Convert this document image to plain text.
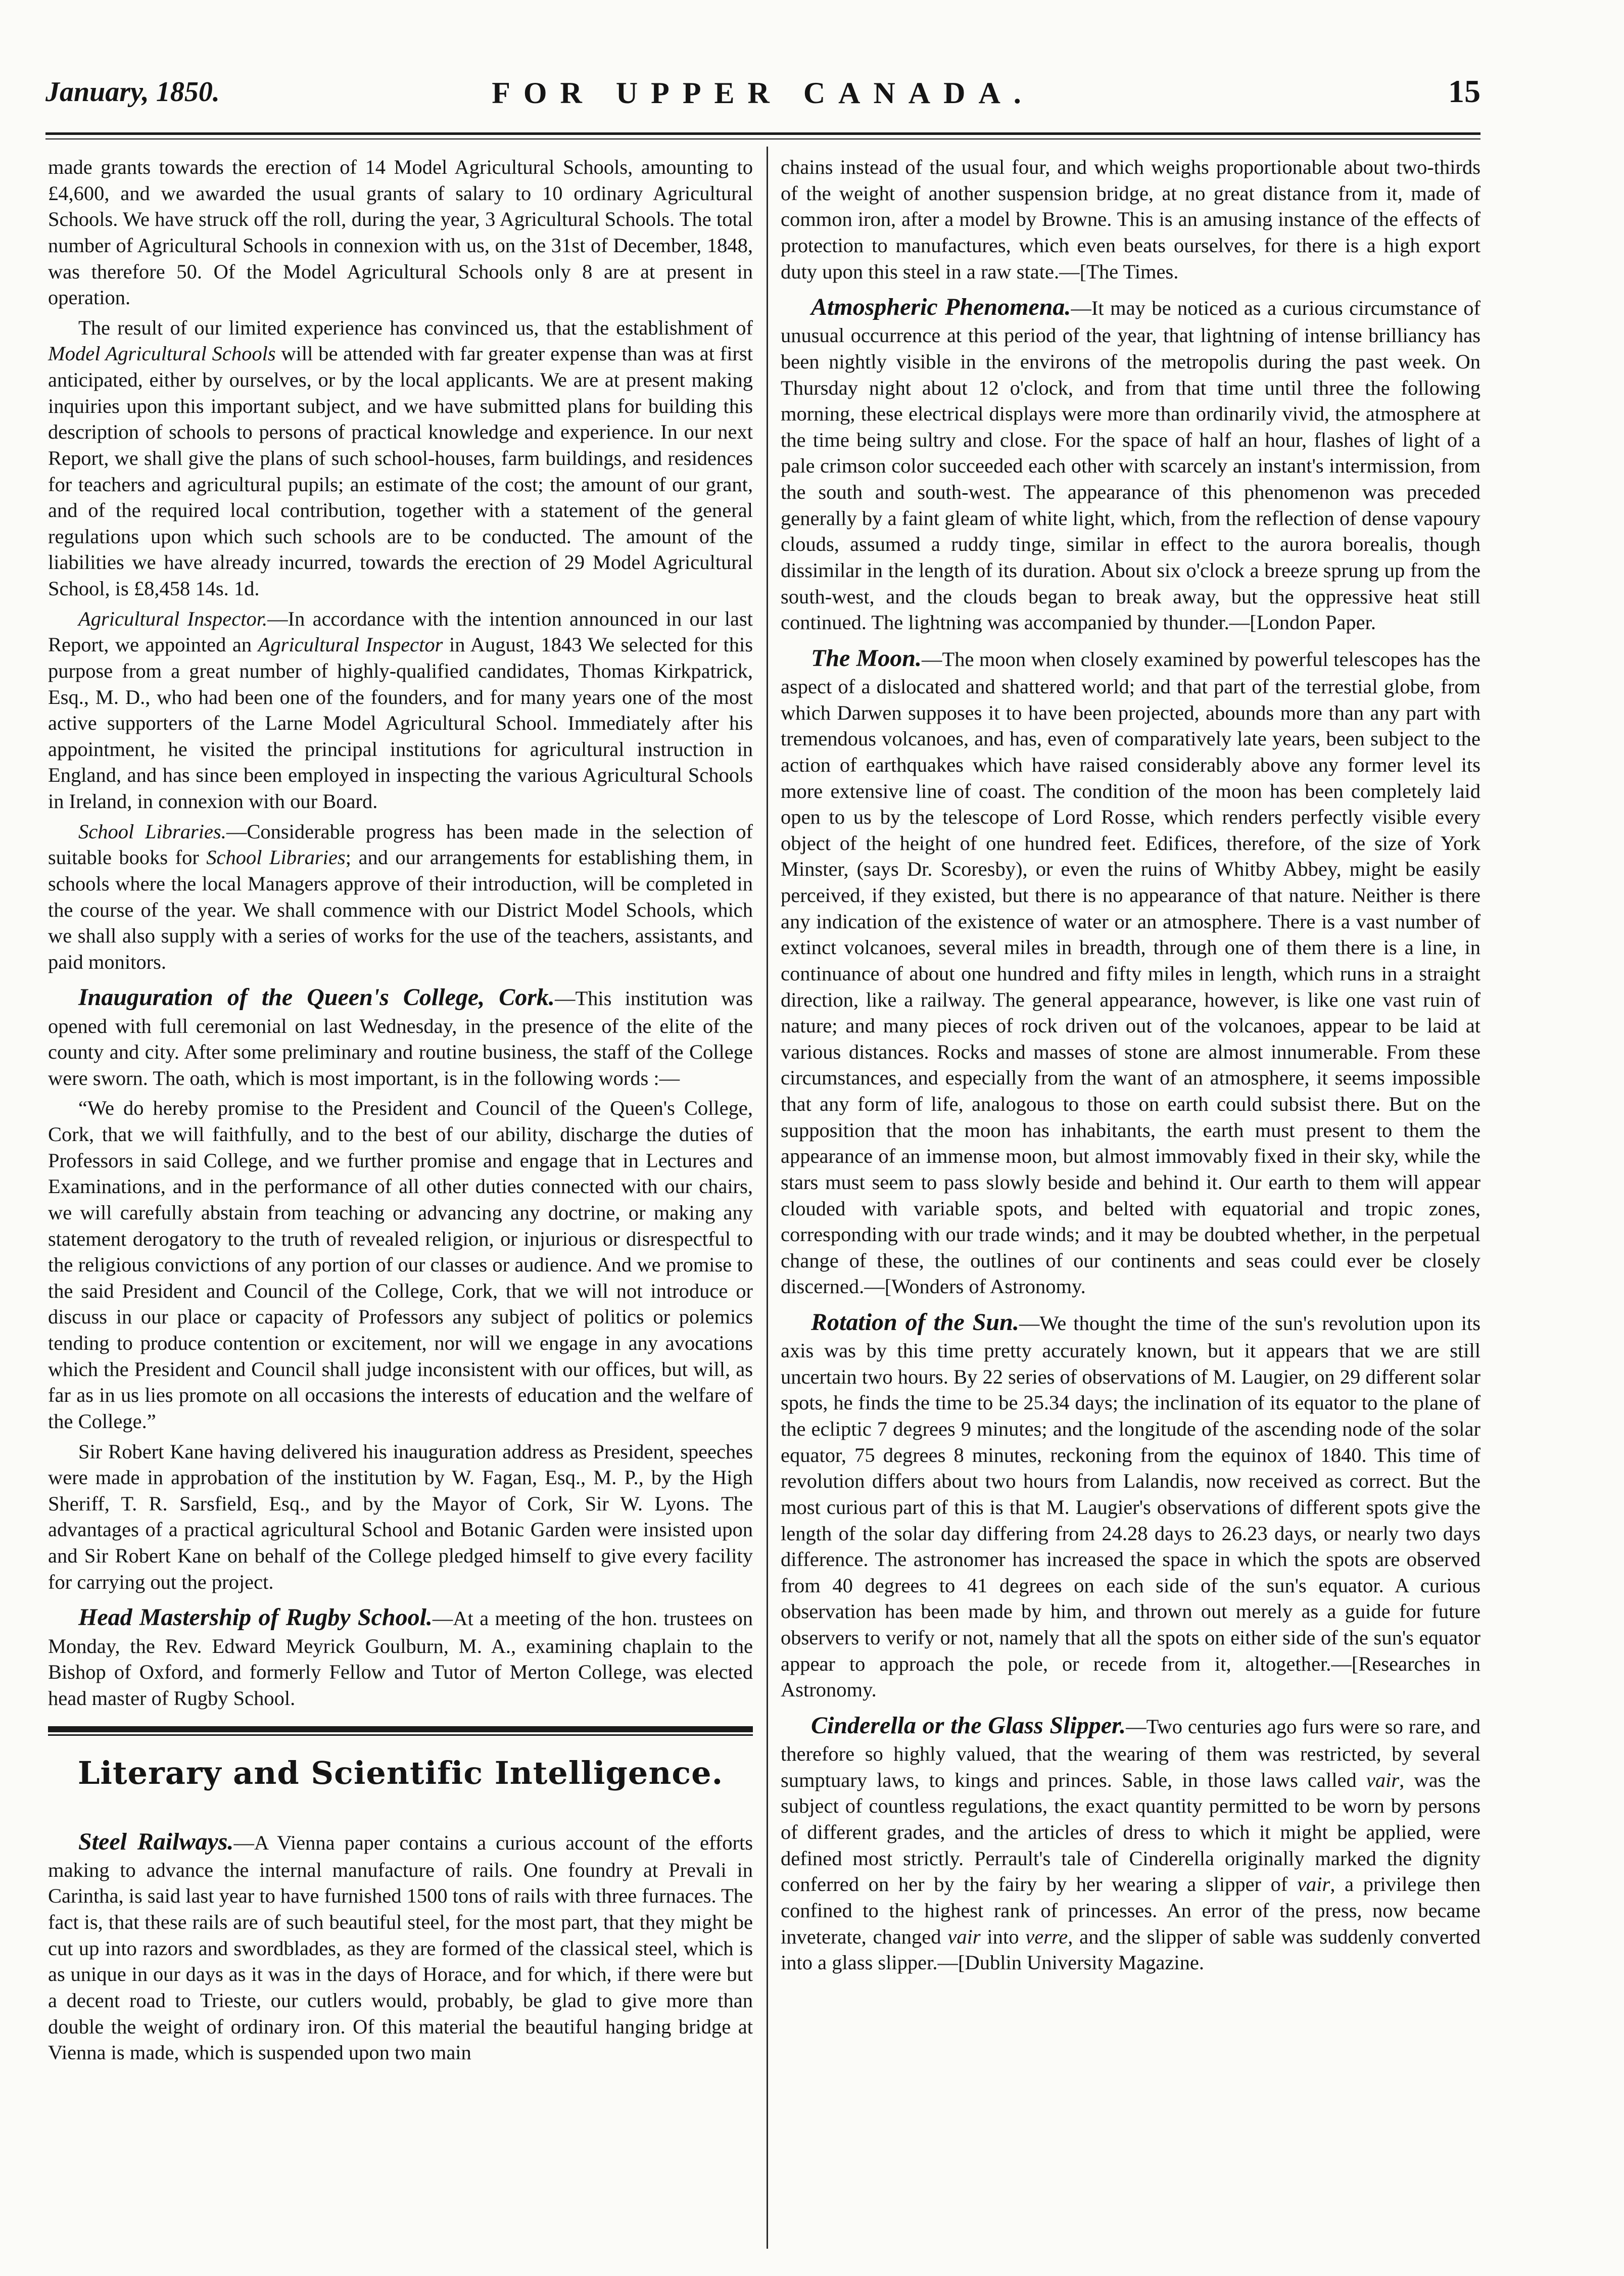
January, 1850.	FOR UPPER CANADA.	15

made grants towards the erection of 14 Model Agricultural Schools, amounting to £4,600, and we awarded the usual grants of salary to 10 ordinary Agricultural Schools. We have struck off the roll, during the year, 3 Agricultural Schools. The total number of Agricultural Schools in connexion with us, on the 31st of December, 1848, was therefore 50. Of the Model Agricultural Schools only 8 are at present in operation.

The result of our limited experience has convinced us, that the establishment of Model Agricultural Schools will be attended with far greater expense than was at first anticipated, either by ourselves, or by the local applicants. We are at present making inquiries upon this important subject, and we have submitted plans for building this description of schools to persons of practical knowledge and experience. In our next Report, we shall give the plans of such school-houses, farm buildings, and residences for teachers and agricultural pupils; an estimate of the cost; the amount of our grant, and of the required local contribution, together with a statement of the general regulations upon which such schools are to be conducted. The amount of the liabilities we have already incurred, towards the erection of 29 Model Agricultural School, is £8,458 14s. 1d.

Agricultural Inspector.—In accordance with the intention announced in our last Report, we appointed an Agricultural Inspector in August, 1843 We selected for this purpose from a great number of highly-qualified candidates, Thomas Kirkpatrick, Esq., M. D., who had been one of the founders, and for many years one of the most active supporters of the Larne Model Agricultural School. Immediately after his appointment, he visited the principal institutions for agricultural instruction in England, and has since been employed in inspecting the various Agricultural Schools in Ireland, in connexion with our Board.

School Libraries.—Considerable progress has been made in the selection of suitable books for School Libraries; and our arrangements for establishing them, in schools where the local Managers approve of their introduction, will be completed in the course of the year. We shall commence with our District Model Schools, which we shall also supply with a series of works for the use of the teachers, assistants, and paid monitors.

Inauguration of the Queen's College, Cork.—This institution was opened with full ceremonial on last Wednesday, in the presence of the elite of the county and city. After some preliminary and routine business, the staff of the College were sworn. The oath, which is most important, is in the following words :—

“We do hereby promise to the President and Council of the Queen's College, Cork, that we will faithfully, and to the best of our ability, discharge the duties of Professors in said College, and we further promise and engage that in Lectures and Examinations, and in the performance of all other duties connected with our chairs, we will carefully abstain from teaching or advancing any doctrine, or making any statement derogatory to the truth of revealed religion, or injurious or disrespectful to the religious convictions of any portion of our classes or audience. And we promise to the said President and Council of the College, Cork, that we will not introduce or discuss in our place or capacity of Professors any subject of politics or polemics tending to produce contention or excitement, nor will we engage in any avocations which the President and Council shall judge inconsistent with our offices, but will, as far as in us lies promote on all occasions the interests of education and the welfare of the College.”

Sir Robert Kane having delivered his inauguration address as President, speeches were made in approbation of the institution by W. Fagan, Esq., M. P., by the High Sheriff, T. R. Sarsfield, Esq., and by the Mayor of Cork, Sir W. Lyons. The advantages of a practical agricultural School and Botanic Garden were insisted upon and Sir Robert Kane on behalf of the College pledged himself to give every facility for carrying out the project.

Head Mastership of Rugby School.—At a meeting of the hon. trustees on Monday, the Rev. Edward Meyrick Goulburn, M. A., examining chaplain to the Bishop of Oxford, and formerly Fellow and Tutor of Merton College, was elected head master of Rugby School.

Literary and Scientific Intelligence.

Steel Railways.—A Vienna paper contains a curious account of the efforts making to advance the internal manufacture of rails. One foundry at Prevali in Carintha, is said last year to have furnished 1500 tons of rails with three furnaces. The fact is, that these rails are of such beautiful steel, for the most part, that they might be cut up into razors and swordblades, as they are formed of the classical steel, which is as unique in our days as it was in the days of Horace, and for which, if there were but a decent road to Trieste, our cutlers would, probably, be glad to give more than double the weight of ordinary iron. Of this material the beautiful hanging bridge at Vienna is made, which is suspended upon two main

chains instead of the usual four, and which weighs proportionable about two-thirds of the weight of another suspension bridge, at no great distance from it, made of common iron, after a model by Browne. This is an amusing instance of the effects of protection to manufactures, which even beats ourselves, for there is a high export duty upon this steel in a raw state.—[The Times.

Atmospheric Phenomena.—It may be noticed as a curious circumstance of unusual occurrence at this period of the year, that lightning of intense brilliancy has been nightly visible in the environs of the metropolis during the past week. On Thursday night about 12 o'clock, and from that time until three the following morning, these electrical displays were more than ordinarily vivid, the atmosphere at the time being sultry and close. For the space of half an hour, flashes of light of a pale crimson color succeeded each other with scarcely an instant's intermission, from the south and south-west. The appearance of this phenomenon was preceded generally by a faint gleam of white light, which, from the reflection of dense vapoury clouds, assumed a ruddy tinge, similar in effect to the aurora borealis, though dissimilar in the length of its duration. About six o'clock a breeze sprung up from the south-west, and the clouds began to break away, but the oppressive heat still continued. The lightning was accompanied by thunder.—[London Paper.

The Moon.—The moon when closely examined by powerful telescopes has the aspect of a dislocated and shattered world; and that part of the terrestial globe, from which Darwen supposes it to have been projected, abounds more than any part with tremendous volcanoes, and has, even of comparatively late years, been subject to the action of earthquakes which have raised considerably above any former level its more extensive line of coast. The condition of the moon has been completely laid open to us by the telescope of Lord Rosse, which renders perfectly visible every object of the height of one hundred feet. Edifices, therefore, of the size of York Minster, (says Dr. Scoresby), or even the ruins of Whitby Abbey, might be easily perceived, if they existed, but there is no appearance of that nature. Neither is there any indication of the existence of water or an atmosphere. There is a vast number of extinct volcanoes, several miles in breadth, through one of them there is a line, in continuance of about one hundred and fifty miles in length, which runs in a straight direction, like a railway. The general appearance, however, is like one vast ruin of nature; and many pieces of rock driven out of the volcanoes, appear to be laid at various distances. Rocks and masses of stone are almost innumerable. From these circumstances, and especially from the want of an atmosphere, it seems impossible that any form of life, analogous to those on earth could subsist there. But on the supposition that the moon has inhabitants, the earth must present to them the appearance of an immense moon, but almost immovably fixed in their sky, while the stars must seem to pass slowly beside and behind it. Our earth to them will appear clouded with variable spots, and belted with equatorial and tropic zones, corresponding with our trade winds; and it may be doubted whether, in the perpetual change of these, the outlines of our continents and seas could ever be closely discerned.—[Wonders of Astronomy.

Rotation of the Sun.—We thought the time of the sun's revolution upon its axis was by this time pretty accurately known, but it appears that we are still uncertain two hours. By 22 series of observations of M. Laugier, on 29 different solar spots, he finds the time to be 25.34 days; the inclination of its equator to the plane of the ecliptic 7 degrees 9 minutes; and the longitude of the ascending node of the solar equator, 75 degrees 8 minutes, reckoning from the equinox of 1840. This time of revolution differs about two hours from Lalandis, now received as correct. But the most curious part of this is that M. Laugier's observations of different spots give the length of the solar day differing from 24.28 days to 26.23 days, or nearly two days difference. The astronomer has increased the space in which the spots are observed from 40 degrees to 41 degrees on each side of the sun's equator. A curious observation has been made by him, and thrown out merely as a guide for future observers to verify or not, namely that all the spots on either side of the sun's equator appear to approach the pole, or recede from it, altogether.—[Researches in Astronomy.

Cinderella or the Glass Slipper.—Two centuries ago furs were so rare, and therefore so highly valued, that the wearing of them was restricted, by several sumptuary laws, to kings and princes. Sable, in those laws called vair, was the subject of countless regulations, the exact quantity permitted to be worn by persons of different grades, and the articles of dress to which it might be applied, were defined most strictly. Perrault's tale of Cinderella originally marked the dignity conferred on her by the fairy by her wearing a slipper of vair, a privilege then confined to the highest rank of princesses. An error of the press, now became inveterate, changed vair into verre, and the slipper of sable was suddenly converted into a glass slipper.—[Dublin University Magazine.
